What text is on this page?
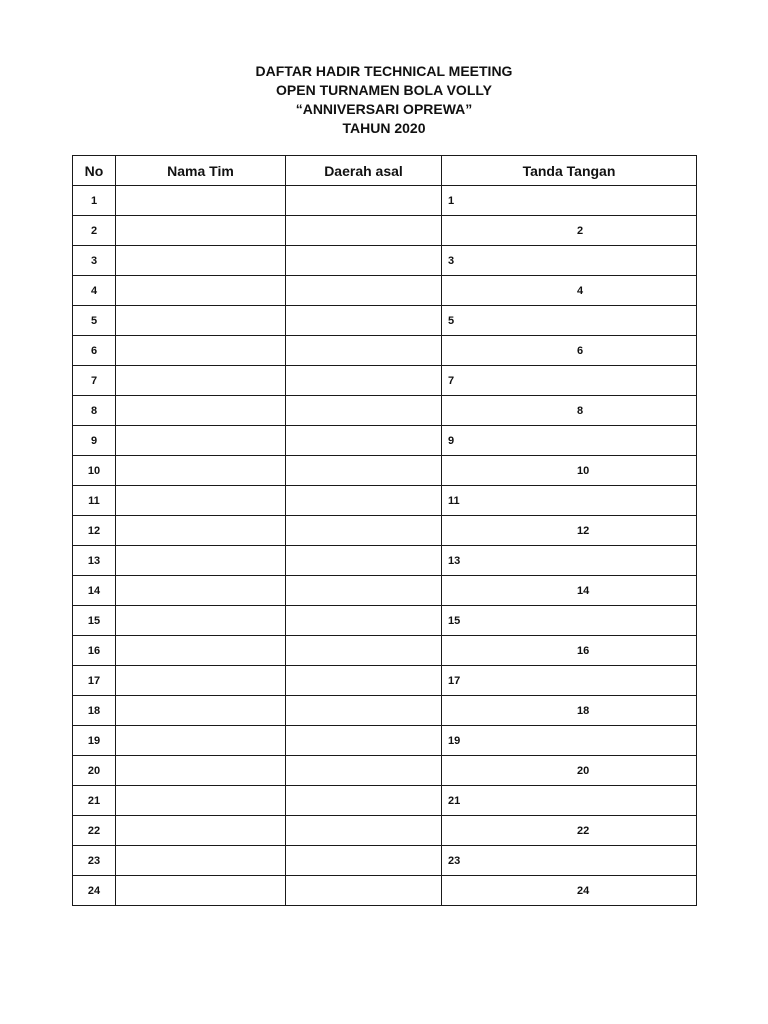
DAFTAR HADIR TECHNICAL MEETING
OPEN TURNAMEN BOLA VOLLY
“ANNIVERSARI OPREWA”
TAHUN 2020
No	Nama Tim	Daerah asal	Tanda Tangan
1			1

2			2

3			3

4			4

5			5

6			6

7			7

8			8

9			9

10			10

11			11

12			12

13			13

14			14

15			15

16			16

17			17

18			18

19			19

20			20

21			21

22			22

23			23

24			24
